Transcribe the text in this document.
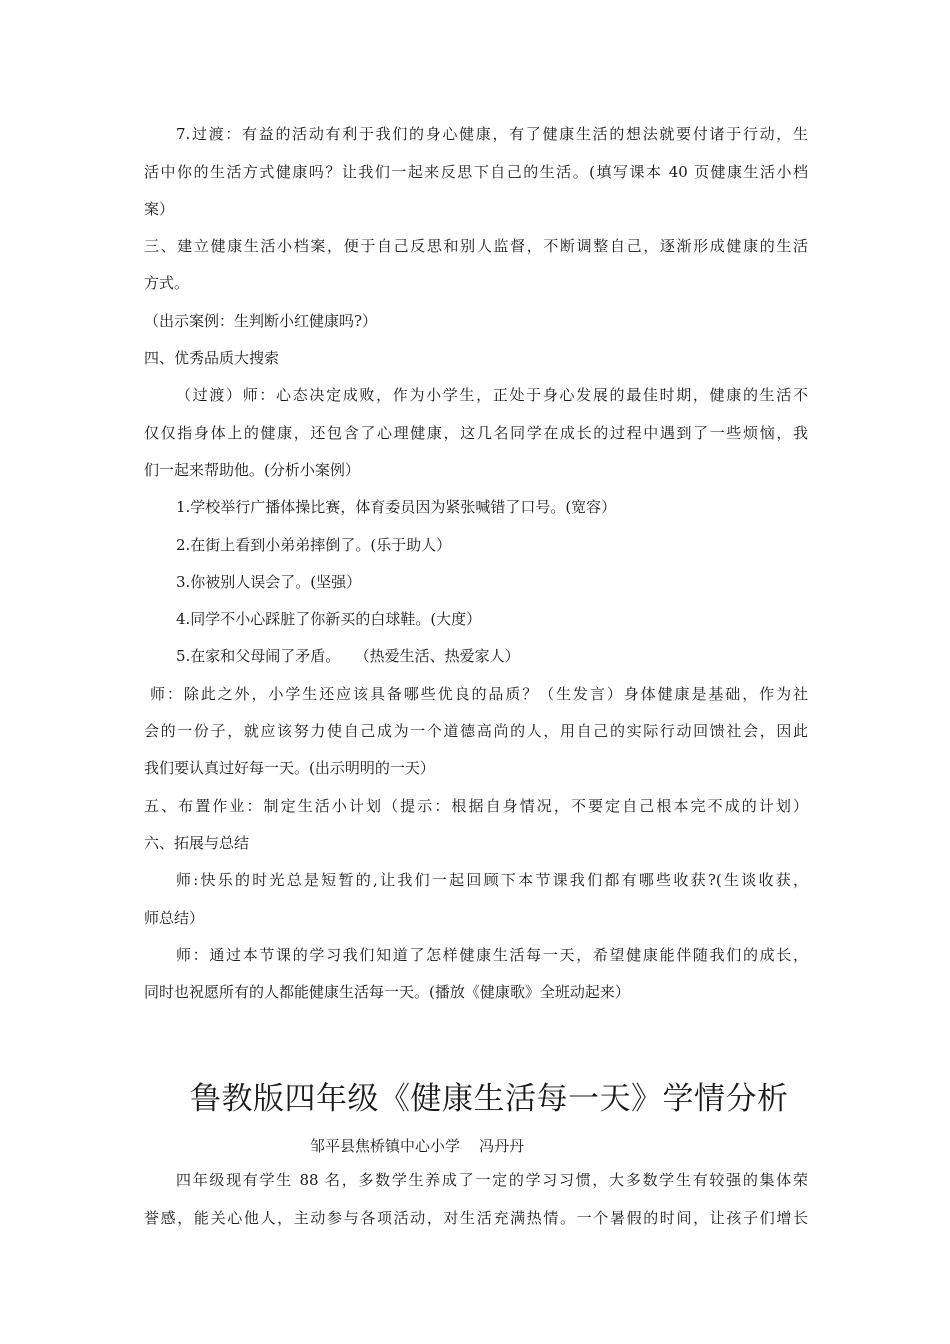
7.过渡：有益的活动有利于我们的身心健康，有了健康生活的想法就要付诸于行动，生
活中你的生活方式健康吗？让我们一起来反思下自己的生活。(填写课本 40 页健康生活小档
案）
三、建立健康生活小档案，便于自己反思和别人监督，不断调整自己，逐渐形成健康的生活
方式。
（出示案例：生判断小红健康吗?）
四、优秀品质大搜索
（过渡）师：心态决定成败，作为小学生，正处于身心发展的最佳时期，健康的生活不
仅仅指身体上的健康，还包含了心理健康，这几名同学在成长的过程中遇到了一些烦恼，我
们一起来帮助他。(分析小案例）
1.学校举行广播体操比赛，体育委员因为紧张喊错了口号。(宽容）
2.在街上看到小弟弟摔倒了。(乐于助人）
3.你被别人误会了。(坚强）
4.同学不小心踩脏了你新买的白球鞋。(大度）
5.在家和父母闹了矛盾。   （热爱生活、热爱家人）
师：除此之外，小学生还应该具备哪些优良的品质？（生发言）身体健康是基础，作为社
会的一份子，就应该努力使自己成为一个道德高尚的人，用自己的实际行动回馈社会，因此
我们要认真过好每一天。(出示明明的一天）
五、布置作业：制定生活小计划（提示：根据自身情况，不要定自己根本完不成的计划）
六、拓展与总结
师:快乐的时光总是短暂的,让我们一起回顾下本节课我们都有哪些收获?(生谈收获，
师总结）
师：通过本节课的学习我们知道了怎样健康生活每一天，希望健康能伴随我们的成长，
同时也祝愿所有的人都能健康生活每一天。(播放《健康歌》全班动起来）
鲁教版四年级《健康生活每一天》学情分析
邹平县焦桥镇中心小学    冯丹丹
四年级现有学生 88 名，多数学生养成了一定的学习习惯，大多数学生有较强的集体荣
誉感，能关心他人，主动参与各项活动，对生活充满热情。一个暑假的时间，让孩子们增长
